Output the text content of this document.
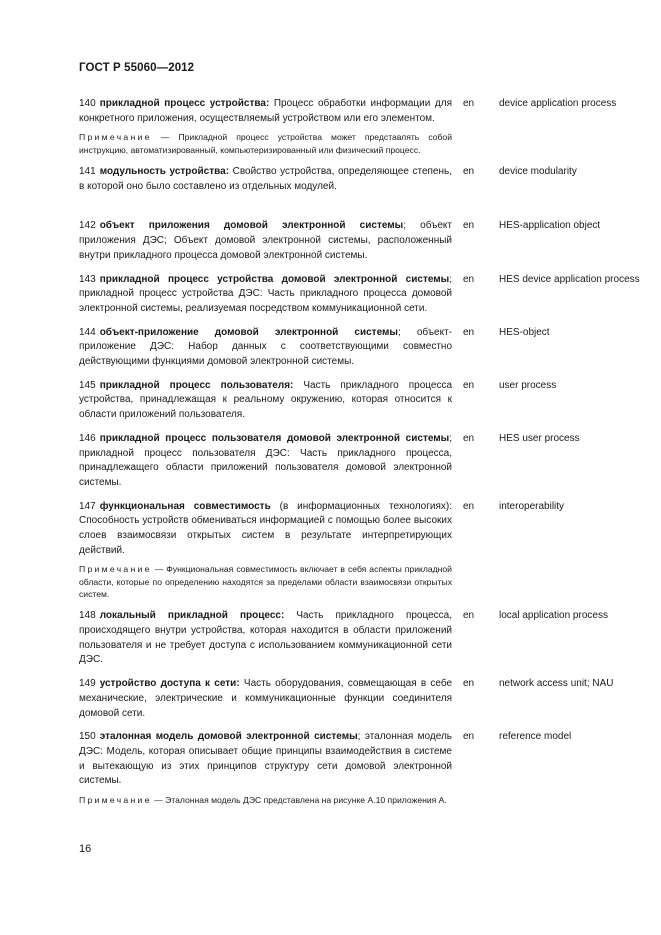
ГОСТ Р 55060—2012

140 прикладной процесс устройства: Процесс обработки информации для конкретного приложения, осуществляемый устройством или его элементом.

en	device application process
Примечание — Прикладной процесс устройства может представлять собой инструкцию, автоматизированный, компьютеризированный или физический процесс.

141 модульность устройства: Свойство устройства, определяющее степень, в которой оно было составлено из отдельных модулей.

en	device modularity

142 объект приложения домовой электронной системы; объект приложения ДЭС; Объект домовой электронной системы, расположенный внутри прикладного процесса домовой электронной системы.

en	HES-application object

143 прикладной процесс устройства домовой электронной системы; прикладной процесс устройства ДЭС: Часть прикладного процесса домовой электронной системы, реализуемая посредством коммуникационной сети.

en	HES device application process

144 объект-приложение домовой электронной системы; объект-приложение ДЭС: Набор данных с соответствующими совместно действующими функциями домовой электронной системы.

en	HES-object

145 прикладной процесс пользователя: Часть прикладного процесса устройства, принадлежащая к реальному окружению, которая относится к области приложений пользователя.

en	user process

146 прикладной процесс пользователя домовой электронной системы; прикладной процесс пользователя ДЭС: Часть прикладного процесса, принадлежащего области приложений пользователя домовой электронной системы.

en	HES user process

147 функциональная совместимость (в информационных технологиях): Способность устройств обмениваться информацией с помощью более высоких слоев взаимосвязи открытых систем в результате интерпретирующих действий.

en	interoperability
Примечание — Функциональная совместимость включает в себя аспекты прикладной области, которые по определению находятся за пределами области взаимосвязи открытых систем.

148 локальный прикладной процесс: Часть прикладного процесса, происходящего внутри устройства, которая находится в области приложений пользователя и не требует доступа с использованием коммуникационной сети ДЭС.

en	local application process

149 устройство доступа к сети: Часть оборудования, совмещающая в себе механические, электрические и коммуникационные функции соединителя домовой сети.

en	network access unit; NAU

150 эталонная модель домовой электронной системы; эталонная модель ДЭС: Модель, которая описывает общие принципы взаимодействия в системе и вытекающую из этих принципов структуру сети домовой электронной системы.

en	reference model
Примечание — Эталонная модель ДЭС представлена на рисунке А.10 приложения А.
16
